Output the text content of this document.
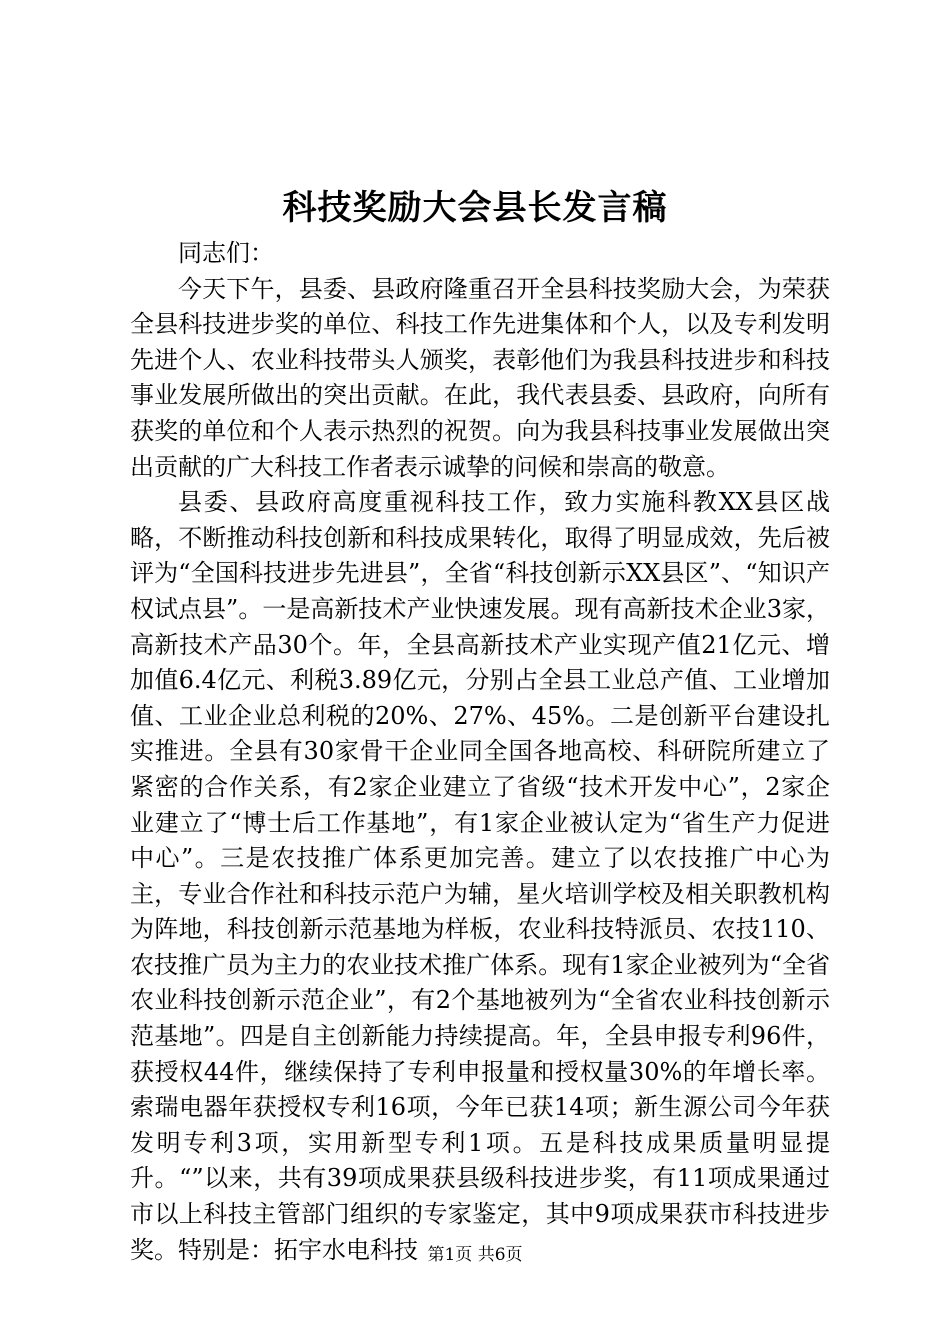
科技奖励大会县长发言稿

同志们：

今天下午，县委、县政府隆重召开全县科技奖励大会，为荣获全县科技进步奖的单位、科技工作先进集体和个人，以及专利发明先进个人、农业科技带头人颁奖，表彰他们为我县科技进步和科技事业发展所做出的突出贡献。在此，我代表县委、县政府，向所有获奖的单位和个人表示热烈的祝贺。向为我县科技事业发展做出突出贡献的广大科技工作者表示诚挚的问候和崇高的敬意。

县委、县政府高度重视科技工作，致力实施科教XX县区战略，不断推动科技创新和科技成果转化，取得了明显成效，先后被评为“全国科技进步先进县”，全省“科技创新示XX县区”、“知识产权试点县”。一是高新技术产业快速发展。现有高新技术企业3家，高新技术产品30个。年，全县高新技术产业实现产值21亿元、增加值6.4亿元、利税3.89亿元，分别占全县工业总产值、工业增加值、工业企业总利税的20%、27%、45%。二是创新平台建设扎实推进。全县有30家骨干企业同全国各地高校、科研院所建立了紧密的合作关系，有2家企业建立了省级“技术开发中心”，2家企业建立了“博士后工作基地”，有1家企业被认定为“省生产力促进中心”。三是农技推广体系更加完善。建立了以农技推广中心为主，专业合作社和科技示范户为辅，星火培训学校及相关职教机构为阵地，科技创新示范基地为样板，农业科技特派员、农技110、农技推广员为主力的农业技术推广体系。现有1家企业被列为“全省农业科技创新示范企业”，有2个基地被列为“全省农业科技创新示范基地”。四是自主创新能力持续提高。年，全县申报专利96件，获授权44件，继续保持了专利申报量和授权量30%的年增长率。索瑞电器年获授权专利16项，今年已获14项；新生源公司今年获发明专利3项，实用新型专利1项。五是科技成果质量明显提升。“”以来，共有39项成果获县级科技进步奖，有11项成果通过市以上科技主管部门组织的专家鉴定，其中9项成果获市科技进步奖。特别是：拓宇水电科技 第1页 共6页
